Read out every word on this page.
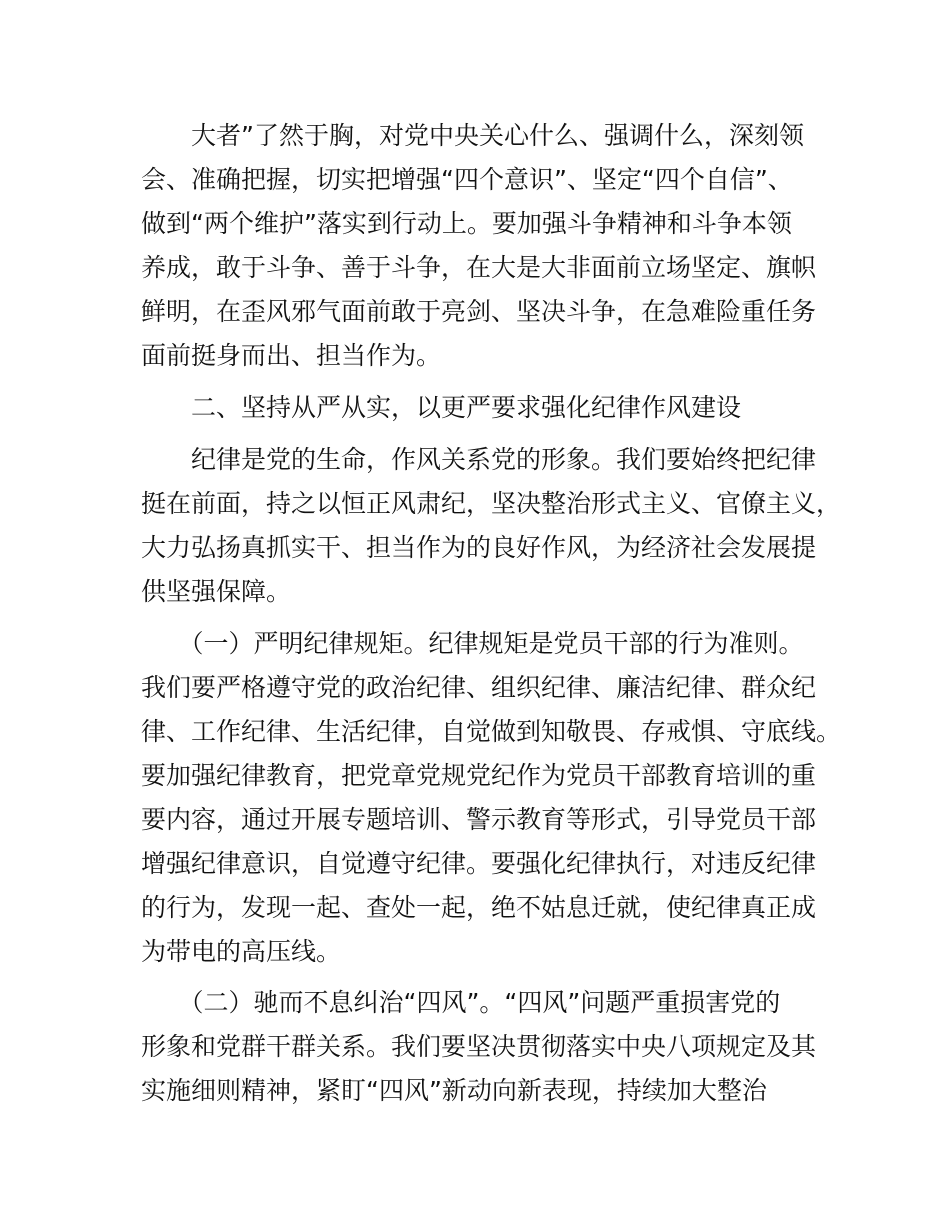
　　大者”了然于胸，对党中央关心什么、强调什么，深刻领
会、准确把握，切实把增强“四个意识”、坚定“四个自信”、
做到“两个维护”落实到行动上。要加强斗争精神和斗争本领
养成，敢于斗争、善于斗争，在大是大非面前立场坚定、旗帜
鲜明，在歪风邪气面前敢于亮剑、坚决斗争，在急难险重任务
面前挺身而出、担当作为。
　　二、坚持从严从实，以更严要求强化纪律作风建设
　　纪律是党的生命，作风关系党的形象。我们要始终把纪律
挺在前面，持之以恒正风肃纪，坚决整治形式主义、官僚主义，
大力弘扬真抓实干、担当作为的良好作风，为经济社会发展提
供坚强保障。
　　（一）严明纪律规矩。纪律规矩是党员干部的行为准则。
我们要严格遵守党的政治纪律、组织纪律、廉洁纪律、群众纪
律、工作纪律、生活纪律，自觉做到知敬畏、存戒惧、守底线。
要加强纪律教育，把党章党规党纪作为党员干部教育培训的重
要内容，通过开展专题培训、警示教育等形式，引导党员干部
增强纪律意识，自觉遵守纪律。要强化纪律执行，对违反纪律
的行为，发现一起、查处一起，绝不姑息迁就，使纪律真正成
为带电的高压线。
　　（二）驰而不息纠治“四风”。“四风”问题严重损害党的
形象和党群干群关系。我们要坚决贯彻落实中央八项规定及其
实施细则精神，紧盯“四风”新动向新表现，持续加大整治
